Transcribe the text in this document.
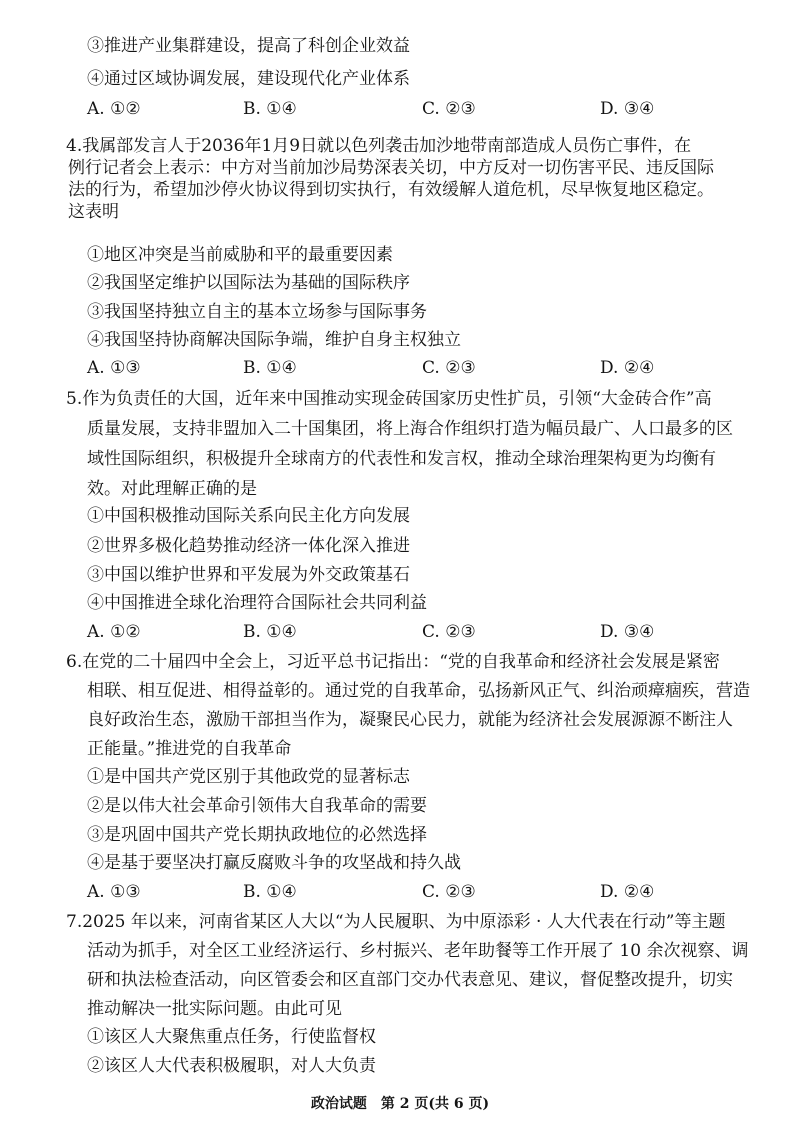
③推进产业集群建设，提高了科创企业效益
④通过区域协调发展，建设现代化产业体系
A. ①②	B. ①④	C. ②③	D. ③④
4.我属部发言人于2036年1月9日就以色列袭击加沙地带南部造成人员伤亡事件，在
例行记者会上表示：中方对当前加沙局势深表关切，中方反对一切伤害平民、违反国际
法的行为，希望加沙停火协议得到切实执行，有效缓解人道危机，尽早恢复地区稳定。
这表明
①地区冲突是当前威胁和平的最重要因素
②我国坚定维护以国际法为基础的国际秩序
③我国坚持独立自主的基本立场参与国际事务
④我国坚持协商解决国际争端，维护自身主权独立
A. ①③	B. ①④	C. ②③	D. ②④
5.作为负责任的大国，近年来中国推动实现金砖国家历史性扩员，引领“大金砖合作”高
质量发展，支持非盟加入二十国集团，将上海合作组织打造为幅员最广、人口最多的区
域性国际组织，积极提升全球南方的代表性和发言权，推动全球治理架构更为均衡有
效。对此理解正确的是
①中国积极推动国际关系向民主化方向发展
②世界多极化趋势推动经济一体化深入推进
③中国以维护世界和平发展为外交政策基石
④中国推进全球化治理符合国际社会共同利益
A. ①②	B. ①④	C. ②③	D. ③④
6.在党的二十届四中全会上，习近平总书记指出：“党的自我革命和经济社会发展是紧密
相联、相互促进、相得益彰的。通过党的自我革命，弘扬新风正气、纠治顽瘴痼疾，营造
良好政治生态，激励干部担当作为，凝聚民心民力，就能为经济社会发展源源不断注人
正能量。”推进党的自我革命
①是中国共产党区别于其他政党的显著标志
②是以伟大社会革命引领伟大自我革命的需要
③是巩固中国共产党长期执政地位的必然选择
④是基于要坚决打赢反腐败斗争的攻坚战和持久战
A. ①③	B. ①④	C. ②③	D. ②④
7.2025 年以来，河南省某区人大以“为人民履职、为中原添彩 · 人大代表在行动”等主题
活动为抓手，对全区工业经济运行、乡村振兴、老年助餐等工作开展了 10 余次视察、调
研和执法检查活动，向区管委会和区直部门交办代表意见、建议，督促整改提升，切实
推动解决一批实际问题。由此可见
①该区人大聚焦重点任务，行使监督权
②该区人大代表积极履职，对人大负责
政治试题　第 2 页(共 6 页)
